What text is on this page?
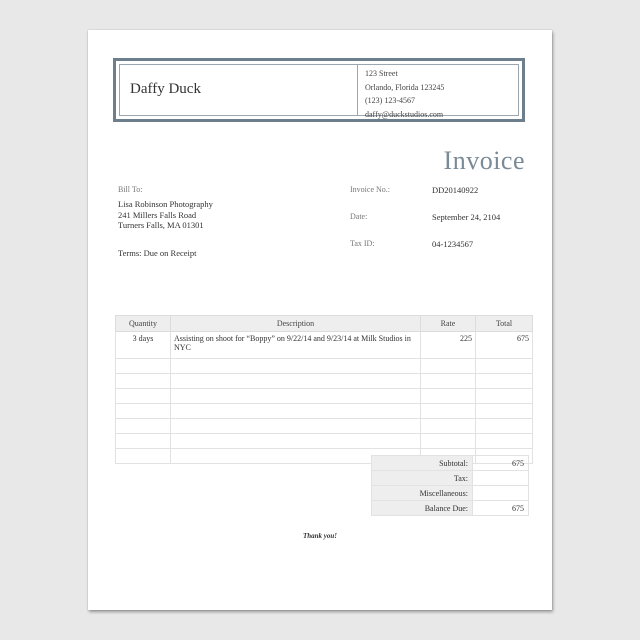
Daffy Duck
123 Street
Orlando, Florida 123245
(123) 123-4567
daffy@duckstudios.com
Invoice
Bill To:
Lisa Robinson Photography
241 Millers Falls Road
Turners Falls, MA 01301
Terms: Due on Receipt
Invoice No.:	DD20140922
Date:	September 24, 2104
Tax ID:	04-1234567
Quantity	Description	Rate	Total
3 days	Assisting on shoot for “Boppy” on 9/22/14 and 9/23/14 at Milk Studios in NYC	225	675

Subtotal:	675
Tax:	
Miscellaneous:	
Balance Due:	675
Thank you!
